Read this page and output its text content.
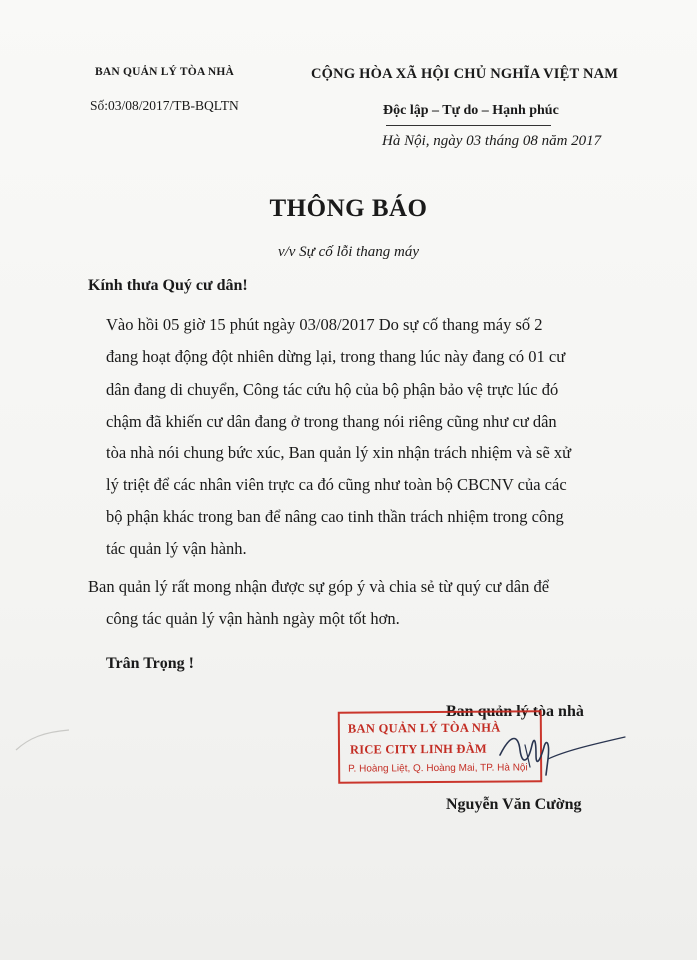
BAN QUẢN LÝ TÒA NHÀ
Số:03/08/2017/TB-BQLTN
CỘNG HÒA XÃ HỘI CHỦ NGHĨA VIỆT NAM
Độc lập – Tự do – Hạnh phúc
Hà Nội, ngày 03 tháng 08 năm 2017
THÔNG BÁO
v/v Sự cố lỗi thang máy
Kính thưa Quý cư dân!
Vào hồi 05 giờ 15 phút ngày 03/08/2017 Do sự cố thang máy số 2
đang hoạt động đột nhiên dừng lại, trong thang lúc này đang có 01 cư
dân đang di chuyển, Công tác cứu hộ của bộ phận bảo vệ trực lúc đó
chậm đã khiến cư dân đang ở trong thang nói riêng cũng như cư dân
tòa nhà nói chung bức xúc, Ban quản lý xin nhận trách nhiệm và sẽ xử
lý triệt để các nhân viên trực ca đó cũng như toàn bộ CBCNV của các
bộ phận khác trong ban để nâng cao tinh thần trách nhiệm trong công
tác quản lý vận hành.
Ban quản lý rất mong nhận được sự góp ý và chia sẻ từ quý cư dân để
công tác quản lý vận hành ngày một tốt hơn.
Trân Trọng !
Ban quản lý tòa nhà
BAN QUẢN LÝ TÒA NHÀ
RICE CITY LINH ĐÀM
P. Hoàng Liệt, Q. Hoàng Mai, TP. Hà Nội
Nguyễn Văn Cường
